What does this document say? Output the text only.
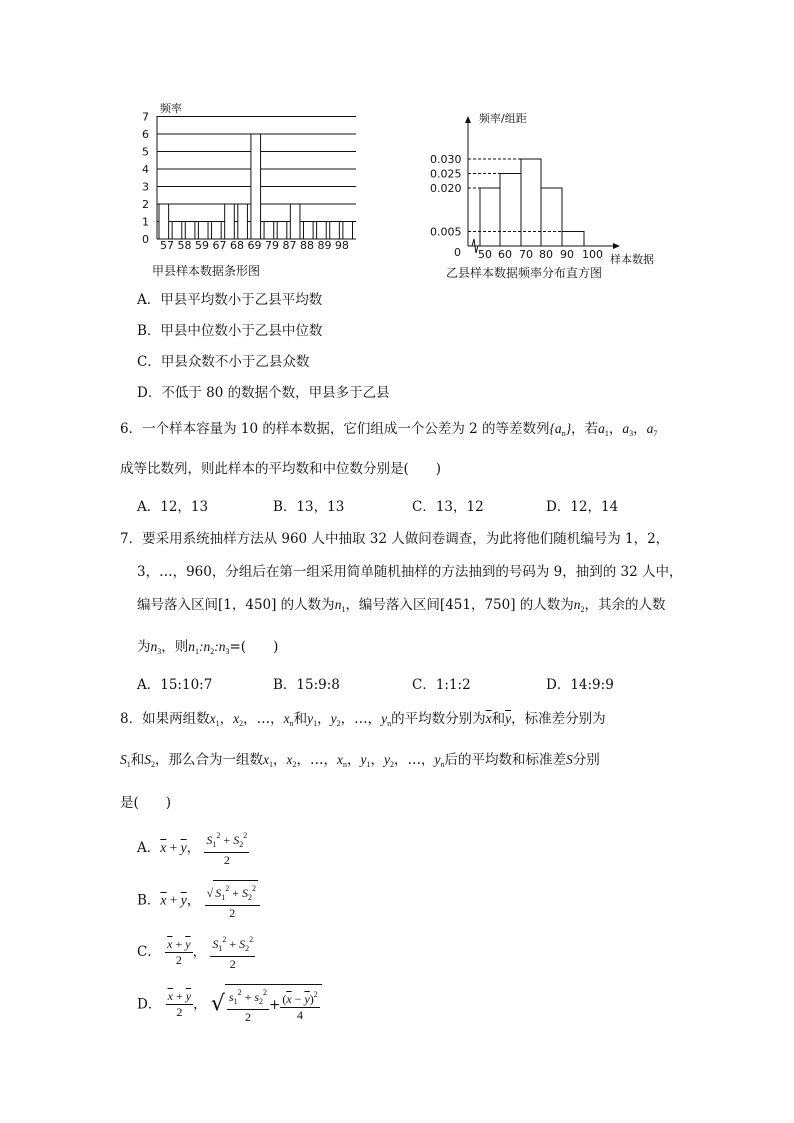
频率
0
1
2
3
4
5
6
7
57 58 59 67 68 69 79 87 88 89 98
甲县样本数据条形图
频率/组距
0.030
0.025
0.020
0.005
50 60 70 80 90 100
0
样本数据
乙县样本数据频率分布直方图
A．甲县平均数小于乙县平均数
B．甲县中位数小于乙县中位数
C．甲县众数不小于乙县众数
D．不低于 80 的数据个数，甲县多于乙县
6．一个样本容量为 10 的样本数据，它们组成一个公差为 2 的等差数列$\{a_n\}$，若$a_1$，$a_3$，$a_7$
成等比数列，则此样本的平均数和中位数分别是(　　)
A．12，13	B．13，13	C．13，12	D．12，14
7．要采用系统抽样方法从 960 人中抽取 32 人做问卷调查，为此将他们随机编号为 1，2，
3，…，960，分组后在第一组采用简单随机抽样的方法抽到的号码为 9，抽到的 32 人中，
编号落入区间[1，450] 的人数为$n_1$，编号落入区间[451，750] 的人数为$n_2$，其余的人数
为$n_3$，则$n_1:n_2:n_3=$(　　)
A．15:10:7	B．15:9:8	C．1:1:2	D．14:9:9
8．如果两组数$x_1$，$x_2$，…，$x_n$和$y_1$，$y_2$，…，$y_n$的平均数分别为$\overline{x}$和$\overline{y}$，标准差分别为
$S_1$和$S_2$，那么合为一组数$x_1$，$x_2$，…，$x_n$，$y_1$，$y_2$，…，$y_n$后的平均数和标准差S分别
是(　　)
A．$\overline{x} + \overline{y}$， $\frac{S_1^2 + S_2^2}{2}$
B．$\overline{x} + \overline{y}$， $\frac{√ S_1^2 + S_2^2}{2}$
C． $\frac{\overline{x} + \overline{y}}{2}$ ， $\frac{S_1^2 + S_2^2}{2}$
D． $\frac{\overline{x} + \overline{y}}{2}$ ， √ $\frac{s_1^2 + s_2^2}{2} + \frac{(\overline{x} - \overline{y})^2}{4}$
